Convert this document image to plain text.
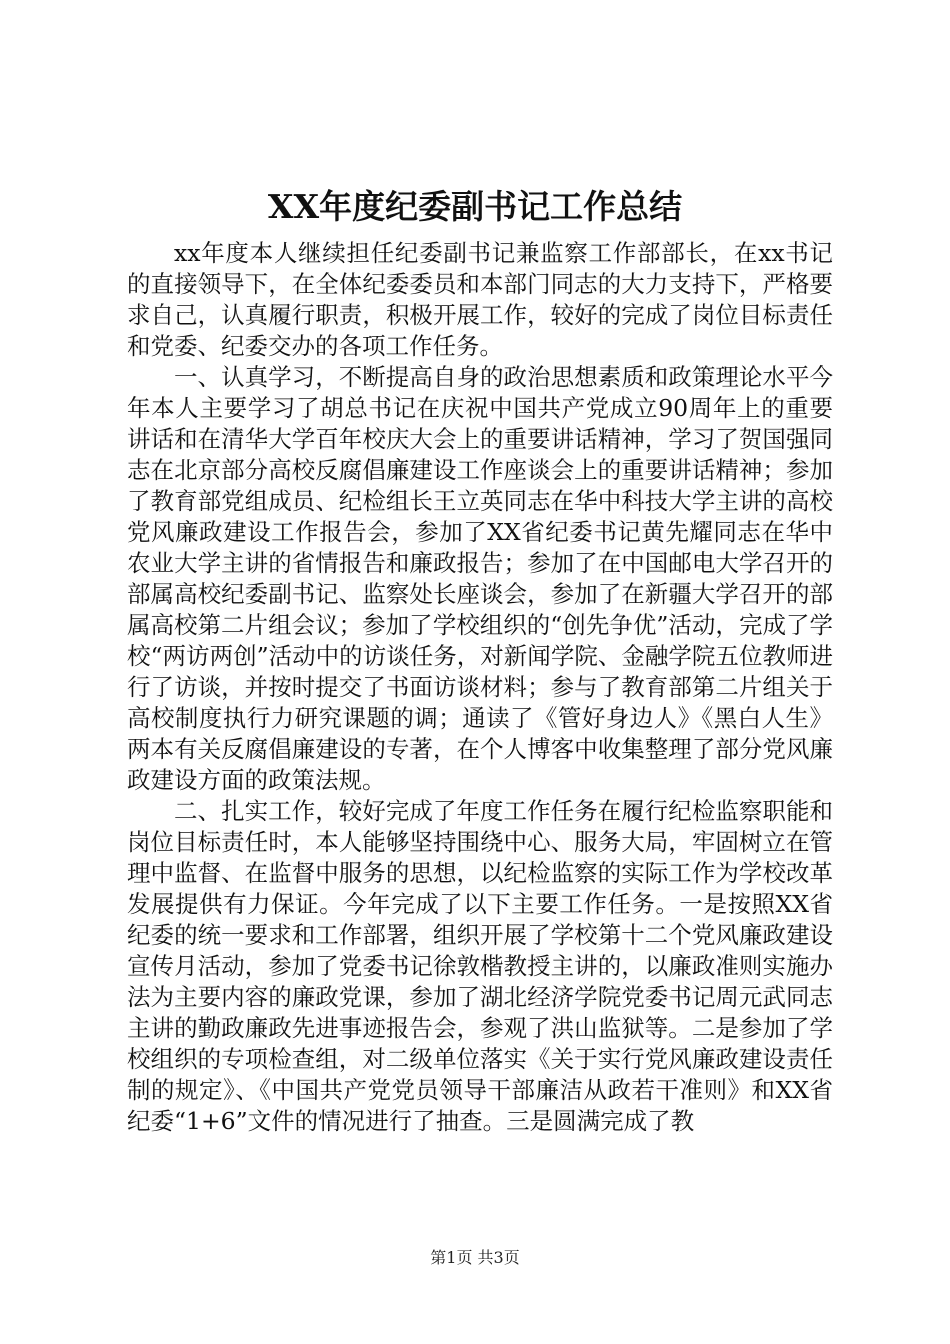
XX年度纪委副书记工作总结

xx年度本人继续担任纪委副书记兼监察工作部部长，在xx书记的直接领导下，在全体纪委委员和本部门同志的大力支持下，严格要求自己，认真履行职责，积极开展工作，较好的完成了岗位目标责任和党委、纪委交办的各项工作任务。

一、认真学习，不断提高自身的政治思想素质和政策理论水平今年本人主要学习了胡总书记在庆祝中国共产党成立90周年上的重要讲话和在清华大学百年校庆大会上的重要讲话精神，学习了贺国强同志在北京部分高校反腐倡廉建设工作座谈会上的重要讲话精神；参加了教育部党组成员、纪检组长王立英同志在华中科技大学主讲的高校党风廉政建设工作报告会，参加了XX省纪委书记黄先耀同志在华中农业大学主讲的省情报告和廉政报告；参加了在中国邮电大学召开的部属高校纪委副书记、监察处长座谈会，参加了在新疆大学召开的部属高校第二片组会议；参加了学校组织的“创先争优”活动，完成了学校“两访两创”活动中的访谈任务，对新闻学院、金融学院五位教师进行了访谈，并按时提交了书面访谈材料；参与了教育部第二片组关于高校制度执行力研究课题的调；通读了《管好身边人》《黑白人生》两本有关反腐倡廉建设的专著，在个人博客中收集整理了部分党风廉政建设方面的政策法规。

二、扎实工作，较好完成了年度工作任务在履行纪检监察职能和岗位目标责任时，本人能够坚持围绕中心、服务大局，牢固树立在管理中监督、在监督中服务的思想，以纪检监察的实际工作为学校改革发展提供有力保证。今年完成了以下主要工作任务。一是按照XX省纪委的统一要求和工作部署，组织开展了学校第十二个党风廉政建设宣传月活动，参加了党委书记徐敦楷教授主讲的，以廉政准则实施办法为主要内容的廉政党课，参加了湖北经济学院党委书记周元武同志主讲的勤政廉政先进事迹报告会，参观了洪山监狱等。二是参加了学校组织的专项检查组，对二级单位落实《关于实行党风廉政建设责任制的规定》、《中国共产党党员领导干部廉洁从政若干准则》和XX省纪委“1+6”文件的情况进行了抽查。三是圆满完成了教

第1页 共3页
